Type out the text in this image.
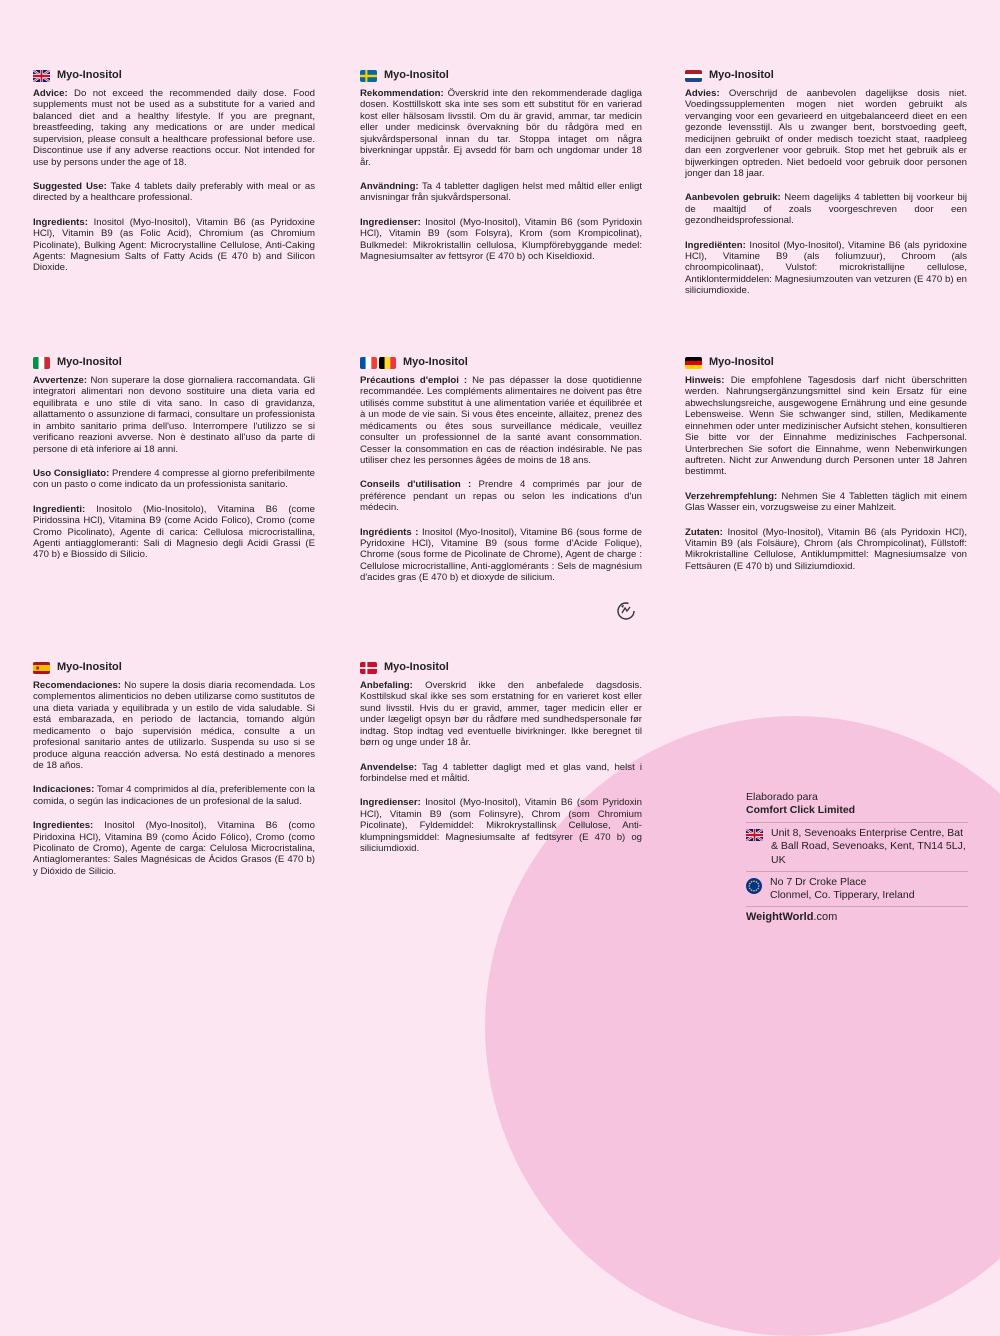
Myo-Inositol

Advice: Do not exceed the recommended daily dose. Food supplements must not be used as a substitute for a varied and balanced diet and a healthy lifestyle. If you are pregnant, breastfeeding, taking any medications or are under medical supervision, please consult a healthcare professional before use. Discontinue use if any adverse reactions occur. Not intended for use by persons under the age of 18.

Suggested Use: Take 4 tablets daily preferably with meal or as directed by a healthcare professional.

Ingredients: Inositol (Myo-Inositol), Vitamin B6 (as Pyridoxine HCl), Vitamin B9 (as Folic Acid), Chromium (as Chromium Picolinate), Bulking Agent: Microcrystalline Cellulose, Anti-Caking Agents: Magnesium Salts of Fatty Acids (E 470 b) and Silicon Dioxide.

Myo-Inositol

Rekommendation: Överskrid inte den rekommenderade dagliga dosen. Kosttillskott ska inte ses som ett substitut för en varierad kost eller hälsosam livsstil. Om du är gravid, ammar, tar medicin eller under medicinsk övervakning bör du rådgöra med en sjukvårdspersonal innan du tar. Stoppa intaget om några biverkningar uppstår. Ej avsedd för barn och ungdomar under 18 år.

Användning: Ta 4 tabletter dagligen helst med måltid eller enligt anvisningar från sjukvårdspersonal.

Ingredienser: Inositol (Myo-Inositol), Vitamin B6 (som Pyridoxin HCl), Vitamin B9 (som Folsyra), Krom (som Krompicolinat), Bulkmedel: Mikrokristallin cellulosa, Klumpförebyggande medel: Magnesiumsalter av fettsyror (E 470 b) och Kiseldioxid.

Myo-Inositol

Advies: Overschrijd de aanbevolen dagelijkse dosis niet. Voedingssupplementen mogen niet worden gebruikt als vervanging voor een gevarieerd en uitgebalanceerd dieet en een gezonde levensstijl. Als u zwanger bent, borstvoeding geeft, medicijnen gebruikt of onder medisch toezicht staat, raadpleeg dan een zorgverlener voor gebruik. Stop met het gebruik als er bijwerkingen optreden. Niet bedoeld voor gebruik door personen jonger dan 18 jaar.

Aanbevolen gebruik: Neem dagelijks 4 tabletten bij voorkeur bij de maaltijd of zoals voorgeschreven door een gezondheidsprofessional.

Ingrediënten: Inositol (Myo-Inositol), Vitamine B6 (als pyridoxine HCl), Vitamine B9 (als foliumzuur), Chroom (als chroompicolinaat), Vulstof: microkristallijne cellulose, Antiklontermiddelen: Magnesiumzouten van vetzuren (E 470 b) en siliciumdioxide.

Myo-Inositol

Avvertenze: Non superare la dose giornaliera raccomandata. Gli integratori alimentari non devono sostituire una dieta varia ed equilibrata e uno stile di vita sano. In caso di gravidanza, allattamento o assunzione di farmaci, consultare un professionista in ambito sanitario prima dell'uso. Interrompere l'utilizzo se si verificano reazioni avverse. Non è destinato all'uso da parte di persone di età inferiore ai 18 anni.

Uso Consigliato: Prendere 4 compresse al giorno preferibilmente con un pasto o come indicato da un professionista sanitario.

Ingredienti: Inositolo (Mio-Inositolo), Vitamina B6 (come Piridossina HCl), Vitamina B9 (come Acido Folico), Cromo (come Cromo Picolinato), Agente di carica: Cellulosa microcristallina, Agenti antiagglomeranti: Sali di Magnesio degli Acidi Grassi (E 470 b) e Biossido di Silicio.

Myo-Inositol

Précautions d'emploi : Ne pas dépasser la dose quotidienne recommandée. Les compléments alimentaires ne doivent pas être utilisés comme substitut à une alimentation variée et équilibrée et à un mode de vie sain. Si vous êtes enceinte, allaitez, prenez des médicaments ou êtes sous surveillance médicale, veuillez consulter un professionnel de la santé avant consommation. Cesser la consommation en cas de réaction indésirable. Ne pas utiliser chez les personnes âgées de moins de 18 ans.

Conseils d'utilisation : Prendre 4 comprimés par jour de préférence pendant un repas ou selon les indications d'un médecin.

Ingrédients : Inositol (Myo-Inositol), Vitamine B6 (sous forme de Pyridoxine HCl), Vitamine B9 (sous forme d'Acide Folique), Chrome (sous forme de Picolinate de Chrome), Agent de charge : Cellulose microcristalline, Anti-agglomérants : Sels de magnésium d'acides gras (E 470 b) et dioxyde de silicium.

Myo-Inositol

Hinweis: Die empfohlene Tagesdosis darf nicht überschritten werden. Nahrungsergänzungsmittel sind kein Ersatz für eine abwechslungsreiche, ausgewogene Ernährung und eine gesunde Lebensweise. Wenn Sie schwanger sind, stillen, Medikamente einnehmen oder unter medizinischer Aufsicht stehen, konsultieren Sie bitte vor der Einnahme medizinisches Fachpersonal. Unterbrechen Sie sofort die Einnahme, wenn Nebenwirkungen auftreten. Nicht zur Anwendung durch Personen unter 18 Jahren bestimmt.

Verzehrempfehlung: Nehmen Sie 4 Tabletten täglich mit einem Glas Wasser ein, vorzugsweise zu einer Mahlzeit.

Zutaten: Inositol (Myo-Inositol), Vitamin B6 (als Pyridoxin HCl), Vitamin B9 (als Folsäure), Chrom (als Chrompicolinat), Füllstoff: Mikrokristalline Cellulose, Antiklumpmittel: Magnesiumsalze von Fettsäuren (E 470 b) und Siliziumdioxid.

Myo-Inositol

Recomendaciones: No supere la dosis diaria recomendada. Los complementos alimenticios no deben utilizarse como sustitutos de una dieta variada y equilibrada y un estilo de vida saludable. Si está embarazada, en periodo de lactancia, tomando algún medicamento o bajo supervisión médica, consulte a un profesional sanitario antes de utilizarlo. Suspenda su uso si se produce alguna reacción adversa. No está destinado a menores de 18 años.

Indicaciones: Tomar 4 comprimidos al día, preferiblemente con la comida, o según las indicaciones de un profesional de la salud.

Ingredientes: Inositol (Myo-Inositol), Vitamina B6 (como Piridoxina HCl), Vitamina B9 (como Ácido Fólico), Cromo (como Picolinato de Cromo), Agente de carga: Celulosa Microcristalina, Antiaglomerantes: Sales Magnésicas de Ácidos Grasos (E 470 b) y Dióxido de Silicio.

Myo-Inositol

Anbefaling: Overskrid ikke den anbefalede dagsdosis. Kosttilskud skal ikke ses som erstatning for en varieret kost eller sund livsstil. Hvis du er gravid, ammer, tager medicin eller er under lægeligt opsyn bør du rådføre med sundhedspersonale før indtag. Stop indtag ved eventuelle bivirkninger. Ikke beregnet til børn og unge under 18 år.

Anvendelse: Tag 4 tabletter dagligt med et glas vand, helst i forbindelse med et måltid.

Ingredienser: Inositol (Myo-Inositol), Vitamin B6 (som Pyridoxin HCl), Vitamin B9 (som Folinsyre), Chrom (som Chromium Picolinate), Fyldemiddel: Mikrokrystallinsk Cellulose, Anti-klumpningsmiddel: Magnesiumsalte af fedtsyrer (E 470 b) og siliciumdioxid.

Elaborado para
Comfort Click Limited
Unit 8, Sevenoaks Enterprise Centre, Bat & Ball Road, Sevenoaks, Kent, TN14 5LJ, UK
No 7 Dr Croke Place
Clonmel, Co. Tipperary, Ireland
WeightWorld.com
